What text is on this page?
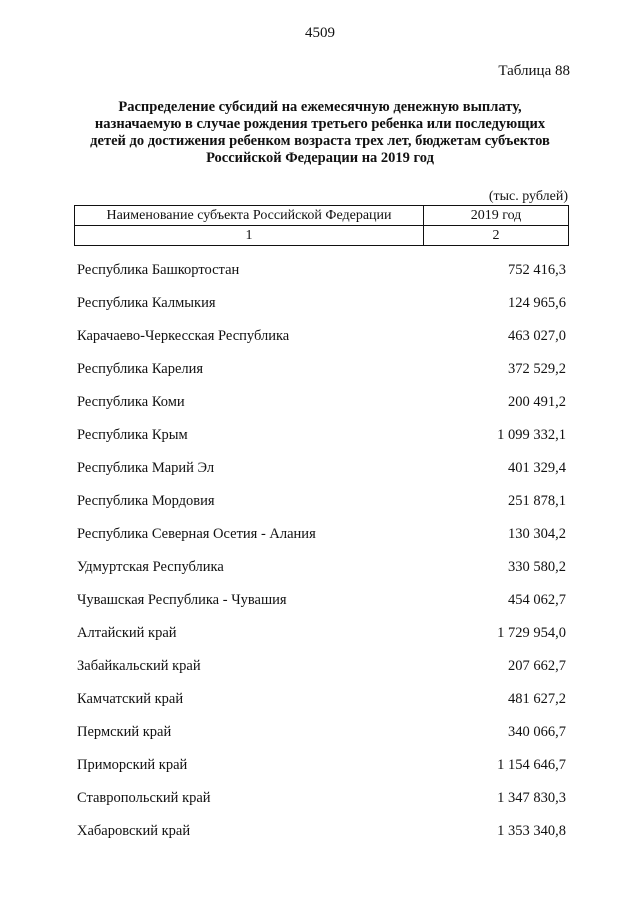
4509
Таблица 88
Распределение субсидий на ежемесячную денежную выплату,
назначаемую в случае рождения третьего ребенка или последующих
детей до достижения ребенком возраста трех лет, бюджетам субъектов
Российской Федерации на 2019 год
(тыс. рублей)
Наименование субъекта Российской Федерации	2019 год
1	2
Республика Башкортостан	752 416,3
Республика Калмыкия	124 965,6
Карачаево-Черкесская Республика	463 027,0
Республика Карелия	372 529,2
Республика Коми	200 491,2
Республика Крым	1 099 332,1
Республика Марий Эл	401 329,4
Республика Мордовия	251 878,1
Республика Северная Осетия - Алания	130 304,2
Удмуртская Республика	330 580,2
Чувашская Республика - Чувашия	454 062,7
Алтайский край	1 729 954,0
Забайкальский край	207 662,7
Камчатский край	481 627,2
Пермский край	340 066,7
Приморский край	1 154 646,7
Ставропольский край	1 347 830,3
Хабаровский край	1 353 340,8
